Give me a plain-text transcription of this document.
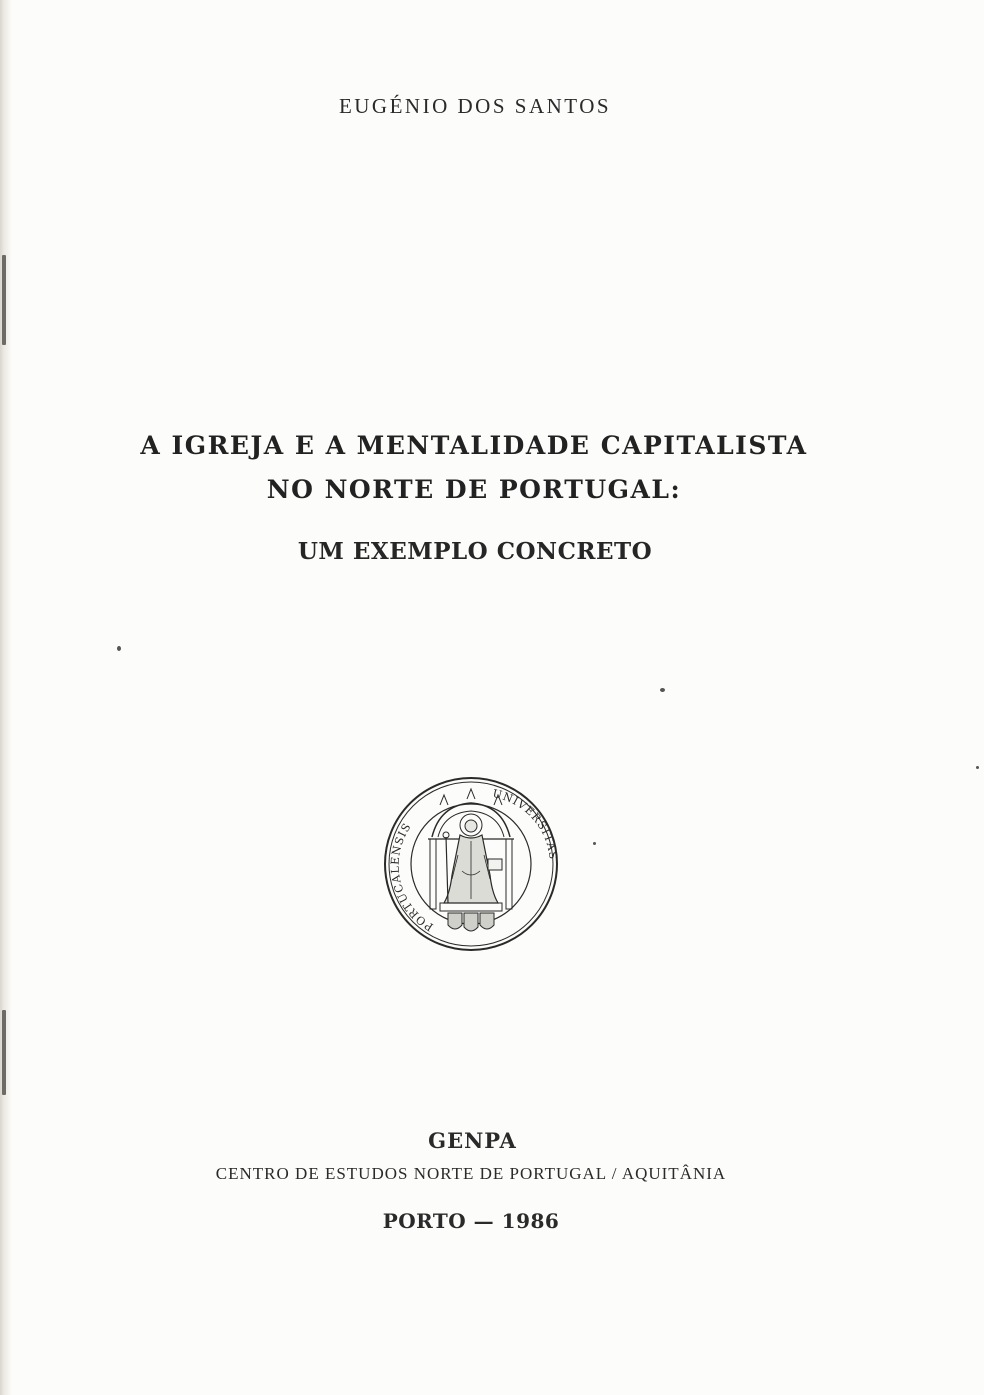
EUGÉNIO DOS SANTOS
A IGREJA E A MENTALIDADE CAPITALISTA
NO NORTE DE PORTUGAL:
UM EXEMPLO CONCRETO
PORTUCALENSIS
UNIVERSITAS
GENPA
CENTRO DE ESTUDOS NORTE DE PORTUGAL / AQUITÂNIA
PORTO — 1986
